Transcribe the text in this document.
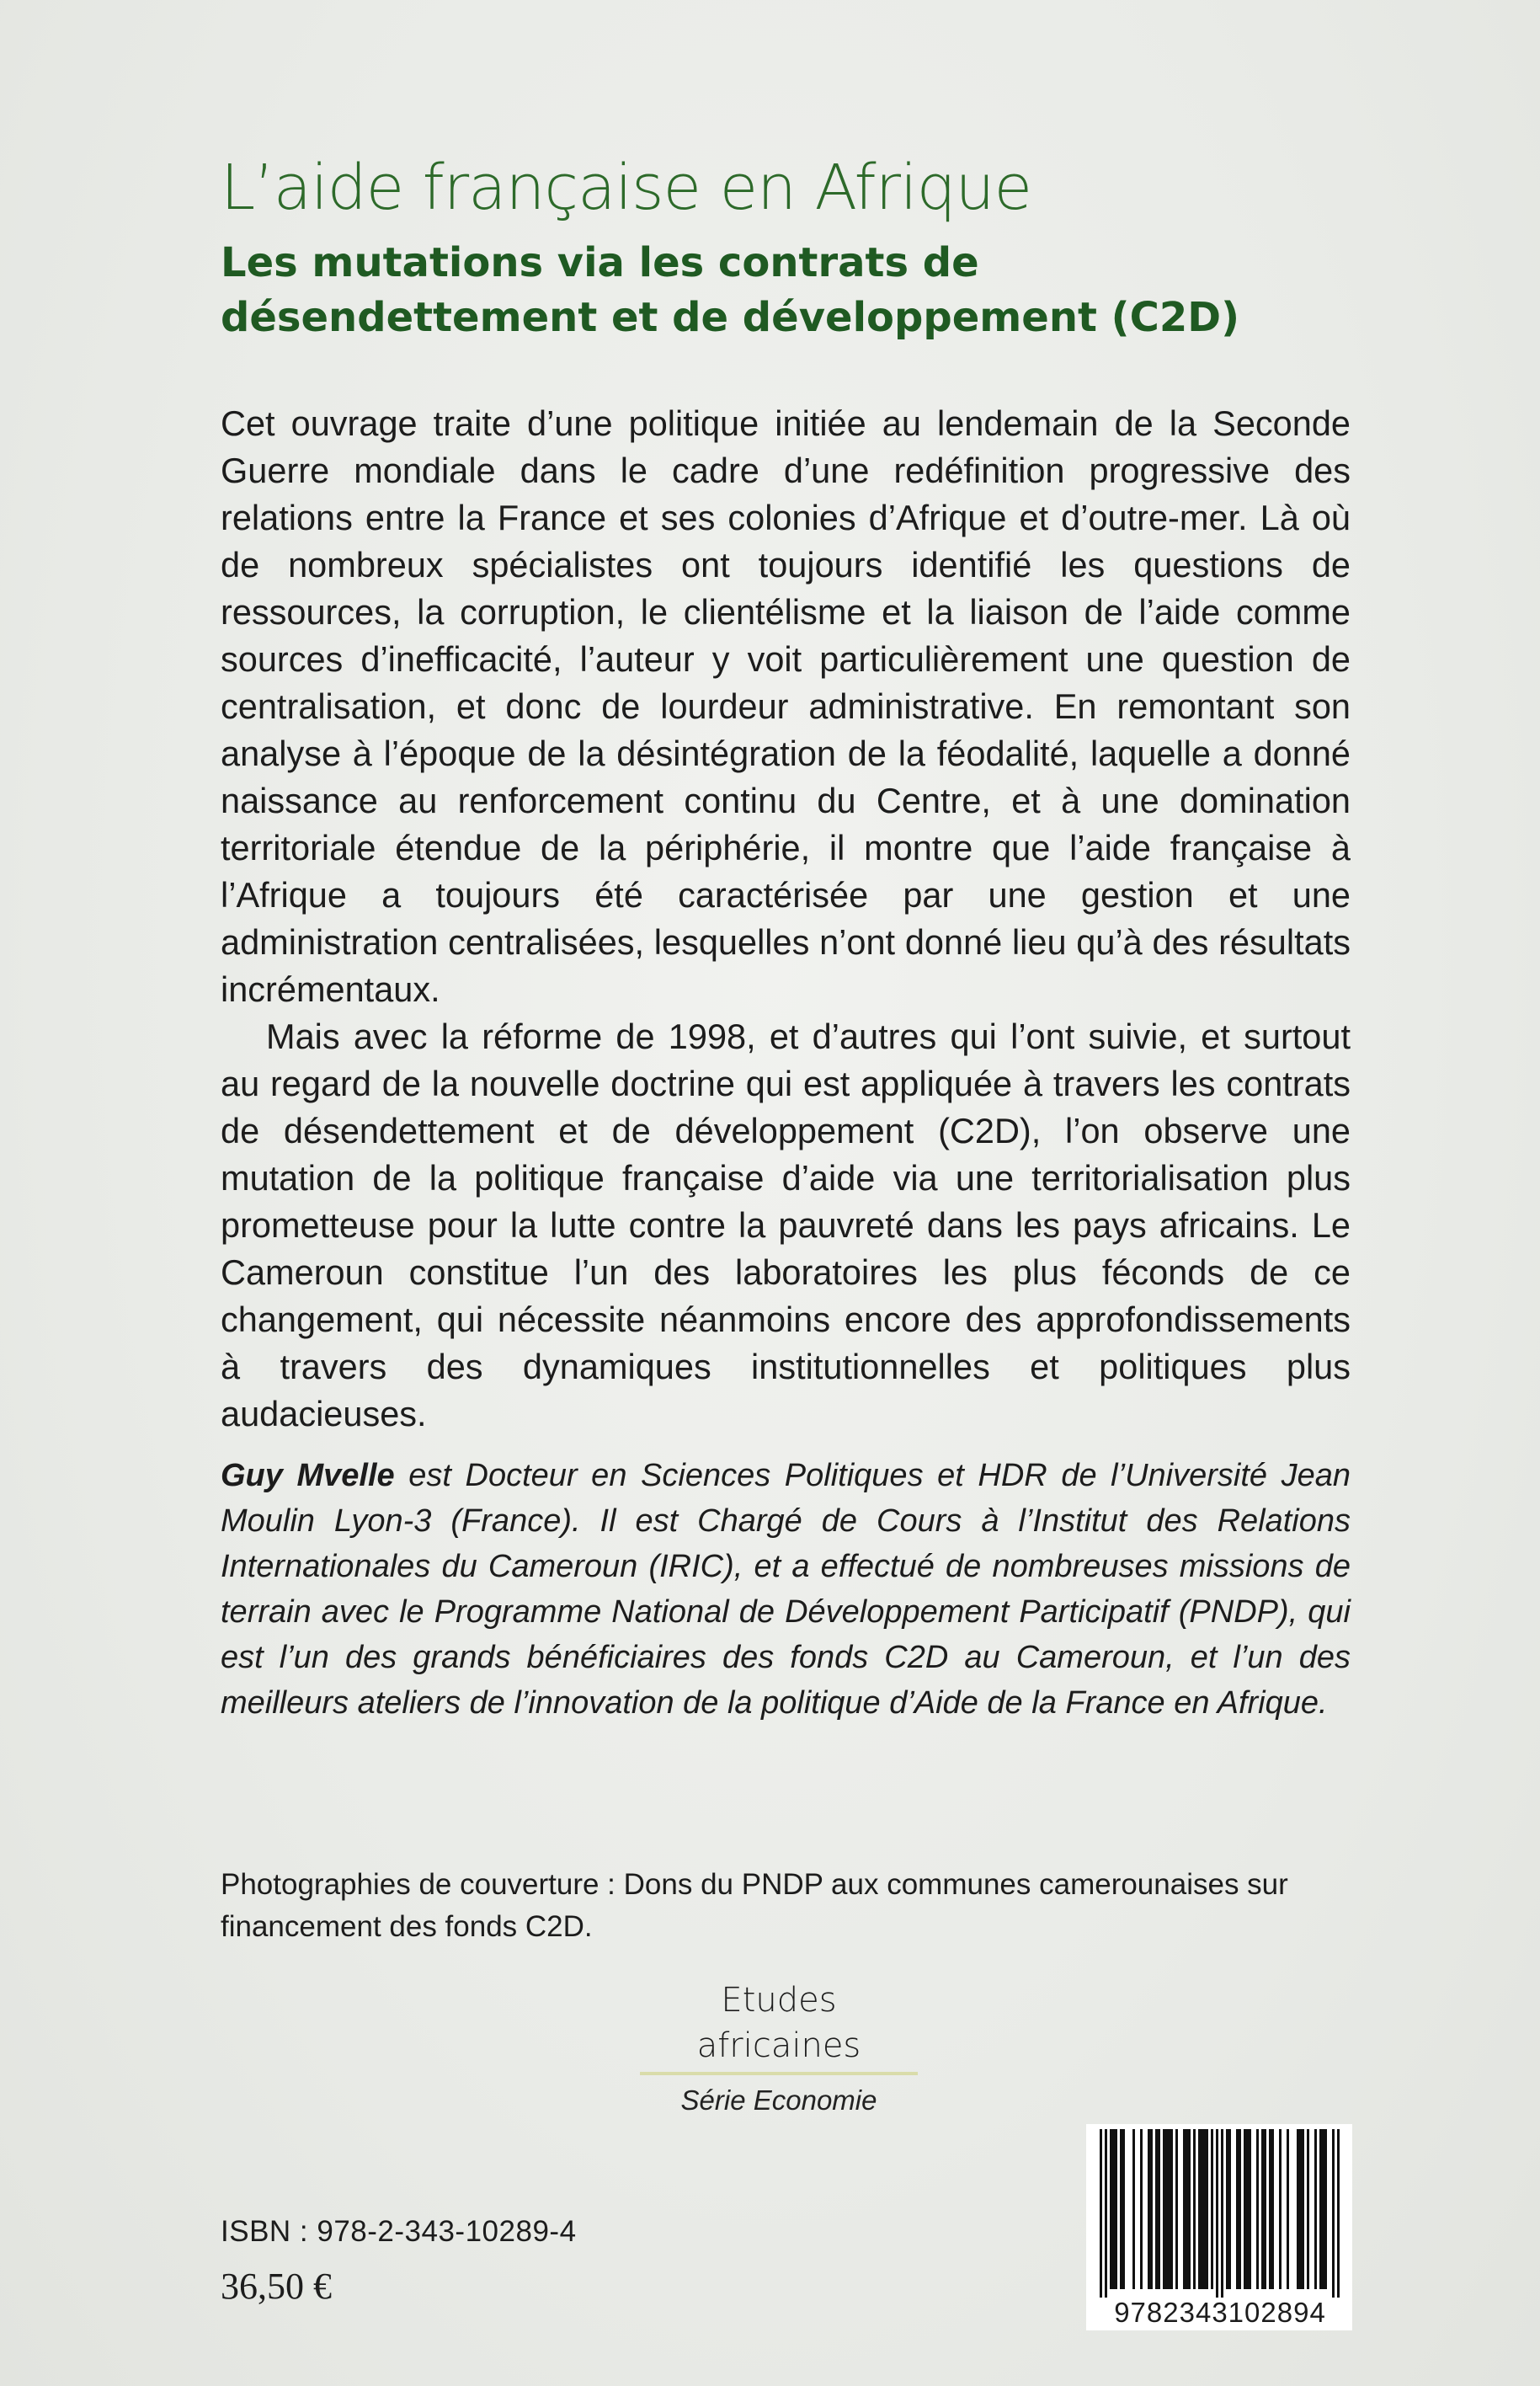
L’aide française en Afrique
Les mutations via les contrats de désendettement et de développement (C2D)

Cet ouvrage traite d’une politique initiée au lendemain de la Seconde Guerre mondiale dans le cadre d’une redéfinition progressive des relations entre la France et ses colonies d’Afrique et d’outre-mer. Là où de nombreux spécialistes ont toujours identifié les questions de ressources, la corruption, le clientélisme et la liaison de l’aide comme sources d’inefficacité, l’auteur y voit particulièrement une question de centralisation, et donc de lourdeur administrative. En remontant son analyse à l’époque de la désintégration de la féodalité, laquelle a donné naissance au renforcement continu du Centre, et à une domination territoriale étendue de la périphérie, il montre que l’aide française à l’Afrique a toujours été caractérisée par une gestion et une administration centralisées, lesquelles n’ont donné lieu qu’à des résultats incrémentaux.

Mais avec la réforme de 1998, et d’autres qui l’ont suivie, et surtout au regard de la nouvelle doctrine qui est appliquée à travers les contrats de désendettement et de développement (C2D), l’on observe une mutation de la politique française d’aide via une territorialisation plus prometteuse pour la lutte contre la pauvreté dans les pays africains. Le Cameroun constitue l’un des laboratoires les plus féconds de ce changement, qui nécessite néanmoins encore des approfondissements à travers des dynamiques institutionnelles et politiques plus audacieuses.

Guy Mvelle est Docteur en Sciences Politiques et HDR de l’Université Jean Moulin Lyon-3 (France). Il est Chargé de Cours à l’Institut des Relations Internationales du Cameroun (IRIC), et a effectué de nombreuses missions de terrain avec le Programme National de Développement Participatif (PNDP), qui est l’un des grands bénéficiaires des fonds C2D au Cameroun, et l’un des meilleurs ateliers de l’innovation de la politique d’Aide de la France en Afrique.

Photographies de couverture : Dons du PNDP aux communes camerounaises sur financement des fonds C2D.

Etudes africaines
Série Economie
ISBN : 978-2-343-10289-4
36,50 €
9782343102894
